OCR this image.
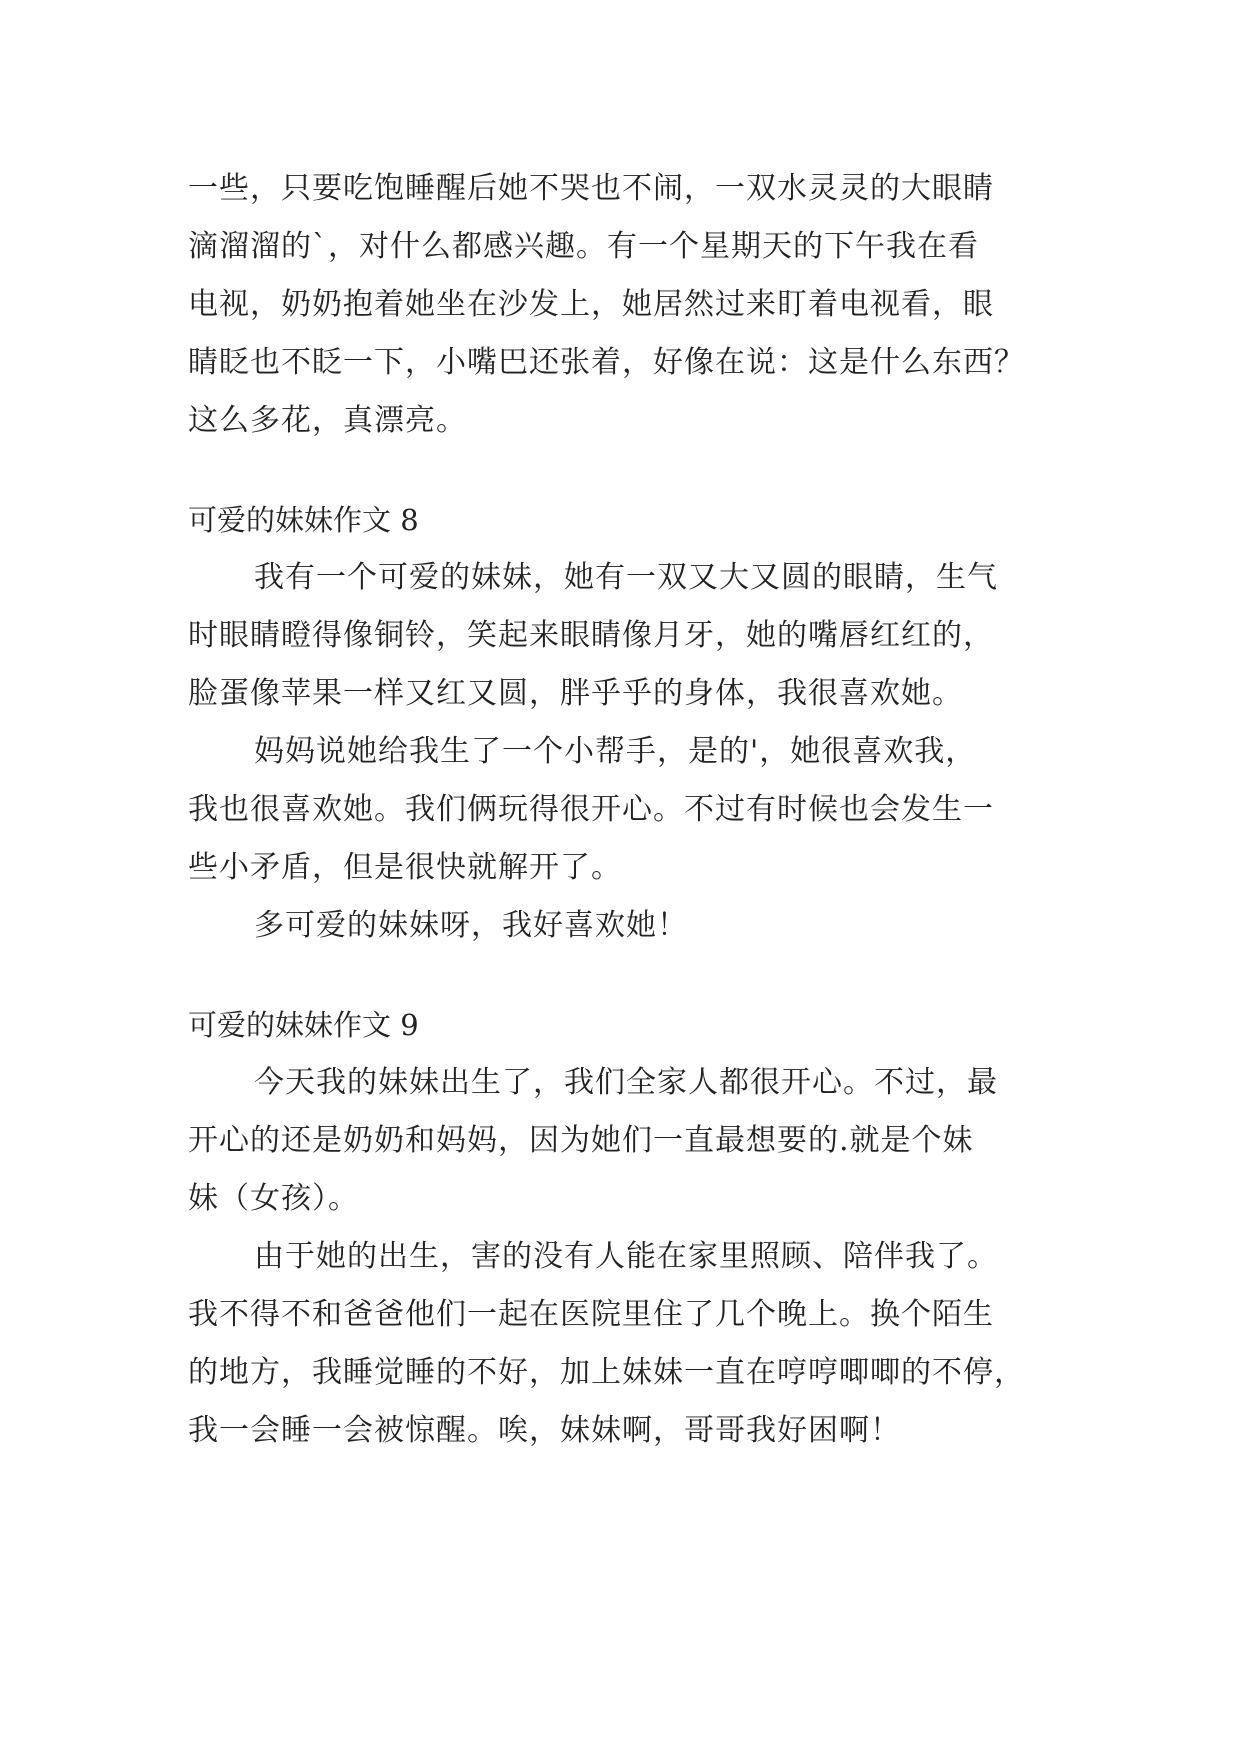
一些，只要吃饱睡醒后她不哭也不闹，一双水灵灵的大眼睛
滴溜溜的`，对什么都感兴趣。有一个星期天的下午我在看
电视，奶奶抱着她坐在沙发上，她居然过来盯着电视看，眼
睛眨也不眨一下，小嘴巴还张着，好像在说：这是什么东西？
这么多花，真漂亮。
可爱的妹妹作文 8
我有一个可爱的妹妹，她有一双又大又圆的眼睛，生气
时眼睛瞪得像铜铃，笑起来眼睛像月牙，她的嘴唇红红的，
脸蛋像苹果一样又红又圆，胖乎乎的身体，我很喜欢她。
妈妈说她给我生了一个小帮手，是的'，她很喜欢我，
我也很喜欢她。我们俩玩得很开心。不过有时候也会发生一
些小矛盾，但是很快就解开了。
多可爱的妹妹呀，我好喜欢她！
可爱的妹妹作文 9
今天我的妹妹出生了，我们全家人都很开心。不过，最
开心的还是奶奶和妈妈，因为她们一直最想要的.就是个妹
妹（女孩）。
由于她的出生，害的没有人能在家里照顾、陪伴我了。
我不得不和爸爸他们一起在医院里住了几个晚上。换个陌生
的地方，我睡觉睡的不好，加上妹妹一直在哼哼唧唧的不停，
我一会睡一会被惊醒。唉，妹妹啊，哥哥我好困啊！
